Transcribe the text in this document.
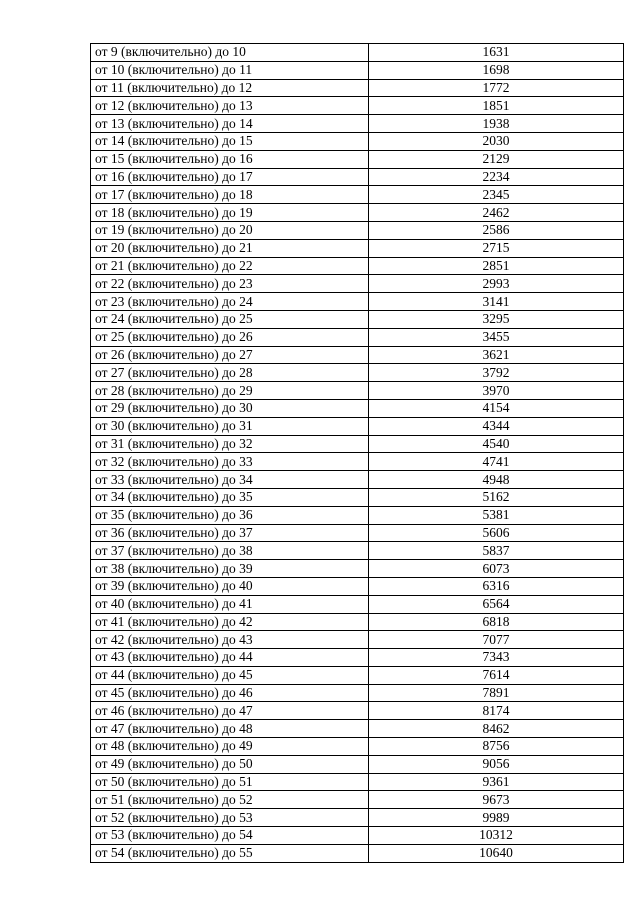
от 9 (включительно) до 10	1631
от 10 (включительно) до 11	1698
от 11 (включительно) до 12	1772
от 12 (включительно) до 13	1851
от 13 (включительно) до 14	1938
от 14 (включительно) до 15	2030
от 15 (включительно) до 16	2129
от 16 (включительно) до 17	2234
от 17 (включительно) до 18	2345
от 18 (включительно) до 19	2462
от 19 (включительно) до 20	2586
от 20 (включительно) до 21	2715
от 21 (включительно) до 22	2851
от 22 (включительно) до 23	2993
от 23 (включительно) до 24	3141
от 24 (включительно) до 25	3295
от 25 (включительно) до 26	3455
от 26 (включительно) до 27	3621
от 27 (включительно) до 28	3792
от 28 (включительно) до 29	3970
от 29 (включительно) до 30	4154
от 30 (включительно) до 31	4344
от 31 (включительно) до 32	4540
от 32 (включительно) до 33	4741
от 33 (включительно) до 34	4948
от 34 (включительно) до 35	5162
от 35 (включительно) до 36	5381
от 36 (включительно) до 37	5606
от 37 (включительно) до 38	5837
от 38 (включительно) до 39	6073
от 39 (включительно) до 40	6316
от 40 (включительно) до 41	6564
от 41 (включительно) до 42	6818
от 42 (включительно) до 43	7077
от 43 (включительно) до 44	7343
от 44 (включительно) до 45	7614
от 45 (включительно) до 46	7891
от 46 (включительно) до 47	8174
от 47 (включительно) до 48	8462
от 48 (включительно) до 49	8756
от 49 (включительно) до 50	9056
от 50 (включительно) до 51	9361
от 51 (включительно) до 52	9673
от 52 (включительно) до 53	9989
от 53 (включительно) до 54	10312
от 54 (включительно) до 55	10640
